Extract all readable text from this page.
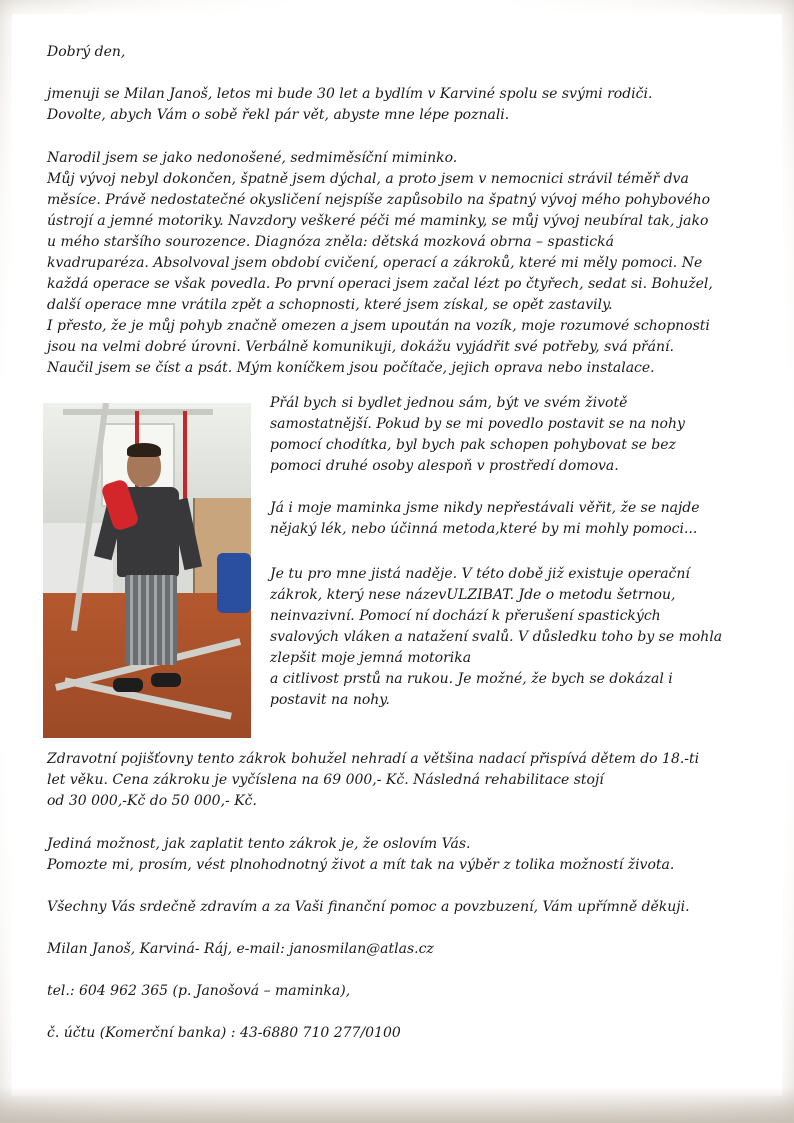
Dobrý den,

jmenuji se Milan Janoš, letos mi bude 30 let a bydlím v Karviné spolu se svými rodiči.
Dovolte, abych Vám o sobě řekl pár vět, abyste mne lépe poznali.

Narodil jsem se jako nedonošené, sedmiměsíční miminko.
Můj vývoj nebyl dokončen, špatně jsem dýchal, a proto jsem v nemocnici strávil téměř dva
měsíce. Právě nedostatečné okysličení nejspíše zapůsobilo na špatný vývoj mého pohybového
ústrojí a jemné motoriky. Navzdory veškeré péči mé maminky, se můj vývoj neubíral tak, jako
u mého staršího sourozence. Diagnóza zněla: dětská mozková obrna – spastická
kvadruparéza. Absolvoval jsem období cvičení, operací a zákroků, které mi měly pomoci. Ne
každá operace se však povedla. Po první operaci jsem začal lézt po čtyřech, sedat si. Bohužel,
další operace mne vrátila zpět a schopnosti, které jsem získal, se opět zastavily.
I přesto, že je můj pohyb značně omezen a jsem upoután na vozík, moje rozumové schopnosti
jsou na velmi dobré úrovni. Verbálně komunikuji, dokážu vyjádřit své potřeby, svá přání.
Naučil jsem se číst a psát. Mým koníčkem jsou počítače, jejich oprava nebo instalace.

Přál bych si bydlet jednou sám, být ve svém životě
samostatnější. Pokud by se mi povedlo postavit se na nohy
pomocí chodítka, byl bych pak schopen pohybovat se bez
pomoci druhé osoby alespoň v prostředí domova.

Já i moje maminka jsme nikdy nepřestávali věřit, že se najde
nějaký lék, nebo účinná metoda,které by mi mohly pomoci...

Je tu pro mne jistá naděje. V této době již existuje operační
zákrok, který nese názevULZIBAT. Jde o metodu šetrnou,
neinvazivní. Pomocí ní dochází k přerušení spastických
svalových vláken a natažení svalů. V důsledku toho by se mohla
zlepšit moje jemná motorika
a citlivost prstů na rukou. Je možné, že bych se dokázal i
postavit na nohy.

Zdravotní pojišťovny tento zákrok bohužel nehradí a většina nadací přispívá dětem do 18.-ti
let věku. Cena zákroku je vyčíslena na 69 000,- Kč. Následná rehabilitace stojí
od 30 000,-Kč do 50 000,- Kč.

Jediná možnost, jak zaplatit tento zákrok je, že oslovím Vás.
Pomozte mi, prosím, vést plnohodnotný život a mít tak na výběr z tolika možností života.

Všechny Vás srdečně zdravím a za Vaši finanční pomoc a povzbuzení, Vám upřímně děkuji.

Milan Janoš, Karviná- Ráj, e-mail: janosmilan@atlas.cz

tel.: 604 962 365 (p. Janošová – maminka),

č. účtu (Komerční banka) : 43-6880 710 277/0100
